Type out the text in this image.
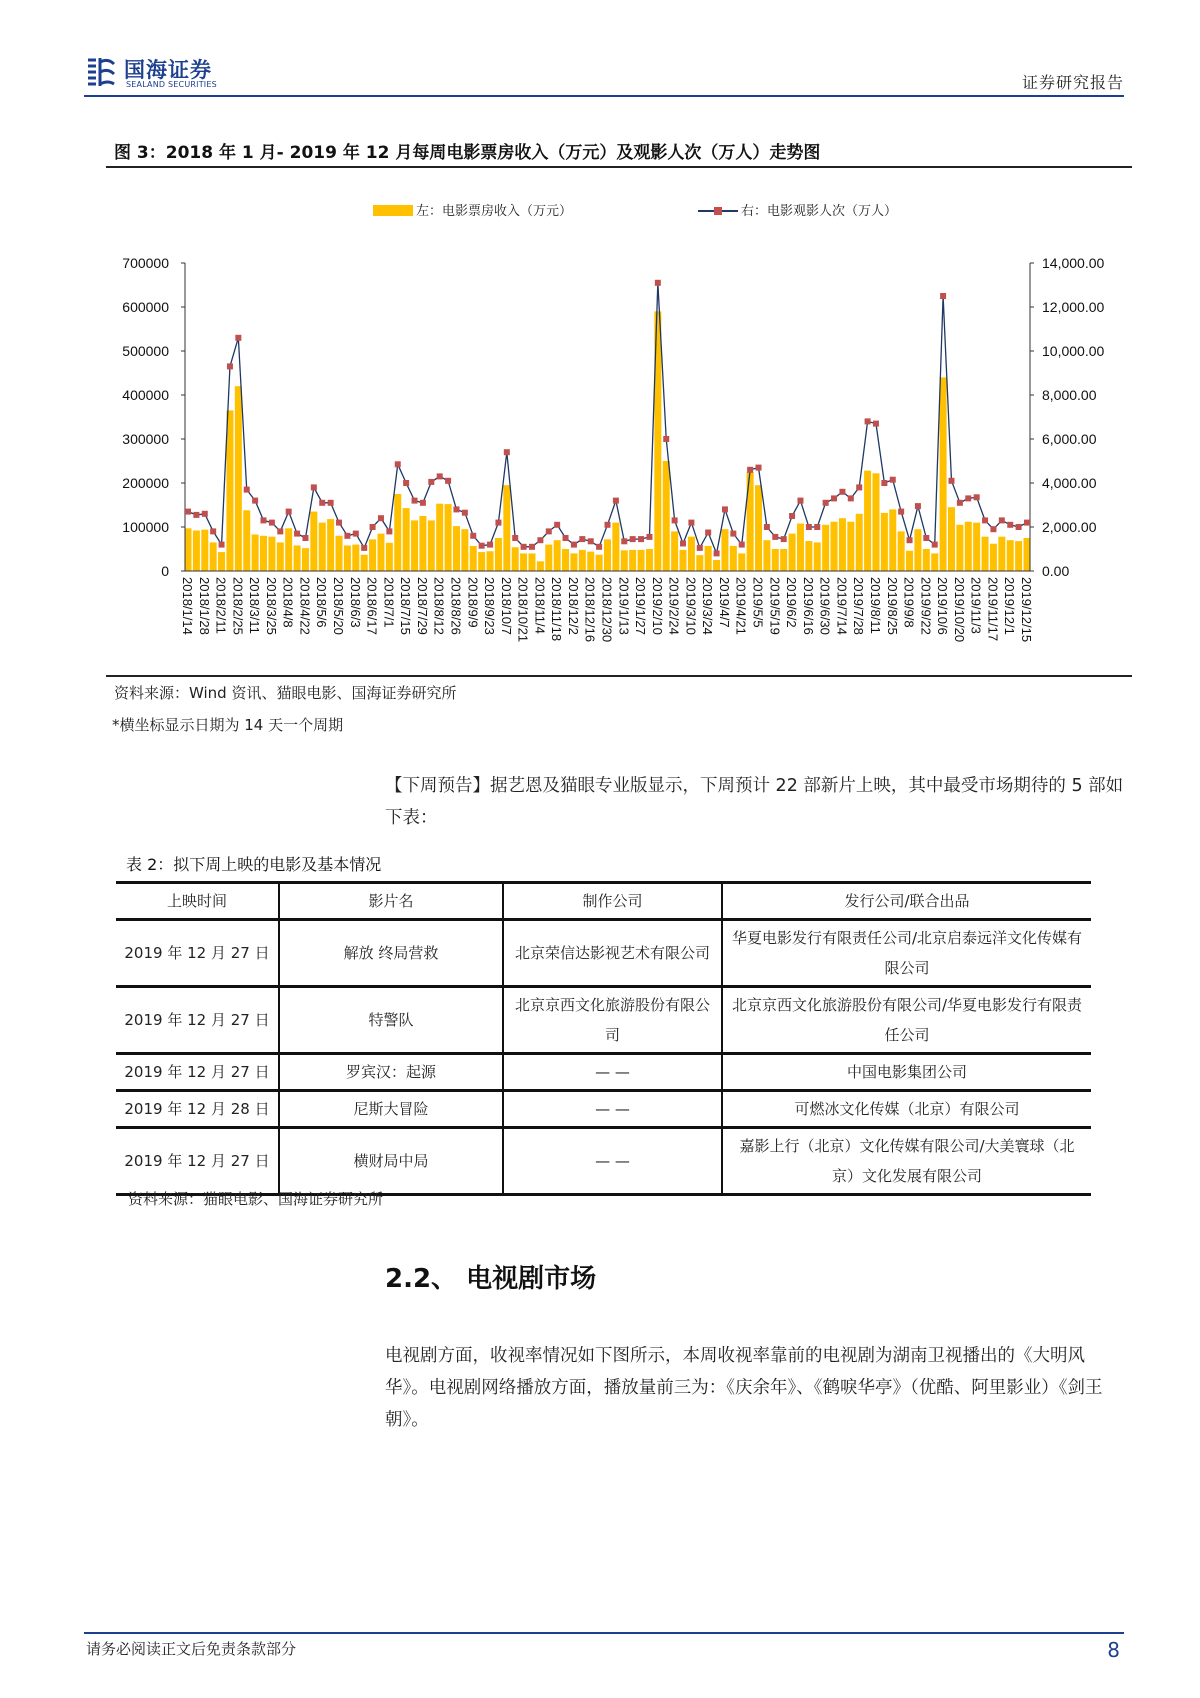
国海证券
SEALAND SECURITIES	证券研究报告
图 3：2018 年 1 月- 2019 年 12 月每周电影票房收入（万元）及观影人次（万人）走势图
左：电影票房收入（万元）	右：电影观影人次（万人）
0
100000
200000
300000
400000
500000
600000
700000
0.00
2,000.00
4,000.00
6,000.00
8,000.00
10,000.00
12,000.00
14,000.00
2018/1/14 2018/1/28 2018/2/11 2018/2/25 2018/3/11 2018/3/25 2018/4/8 2018/4/22 2018/5/6 2018/5/20 2018/6/3 2018/6/17 2018/7/1 2018/7/15 2018/7/29 2018/8/12 2018/8/26 2018/9/9 2018/9/23 2018/10/7 2018/10/21 2018/11/4 2018/11/18 2018/12/2 2018/12/16 2018/12/30 2019/1/13 2019/1/27 2019/2/10 2019/2/24 2019/3/10 2019/3/24 2019/4/7 2019/4/21 2019/5/5 2019/5/19 2019/6/2 2019/6/16 2019/6/30 2019/7/14 2019/7/28 2019/8/11 2019/8/25 2019/9/8 2019/9/22 2019/10/6 2019/10/20 2019/11/3 2019/11/17 2019/12/1 2019/12/15
资料来源：Wind 资讯、猫眼电影、国海证券研究所
*横坐标显示日期为 14 天一个周期
【下周预告】据艺恩及猫眼专业版显示，下周预计 22 部新片上映，其中最受市场期待的 5 部如下表：
表 2：拟下周上映的电影及基本情况
上映时间	影片名	制作公司	发行公司/联合出品
2019 年 12 月 27 日	解放 终局营救	北京荣信达影视艺术有限公司	华夏电影发行有限责任公司/北京启泰远洋文化传媒有限公司
2019 年 12 月 27 日	特警队	北京京西文化旅游股份有限公司	北京京西文化旅游股份有限公司/华夏电影发行有限责任公司
2019 年 12 月 27 日	罗宾汉：起源	— —	中国电影集团公司
2019 年 12 月 28 日	尼斯大冒险	— —	可燃冰文化传媒（北京）有限公司
2019 年 12 月 27 日	横财局中局	— —	嘉影上行（北京）文化传媒有限公司/大美寰球（北京）文化发展有限公司
资料来源：猫眼电影、国海证券研究所
2.2、 电视剧市场
电视剧方面，收视率情况如下图所示，本周收视率靠前的电视剧为湖南卫视播出的《大明风华》。电视剧网络播放方面，播放量前三为：《庆余年》、《鹤唳华亭》（优酷、阿里影业）《剑王朝》。
请务必阅读正文后免责条款部分	8
